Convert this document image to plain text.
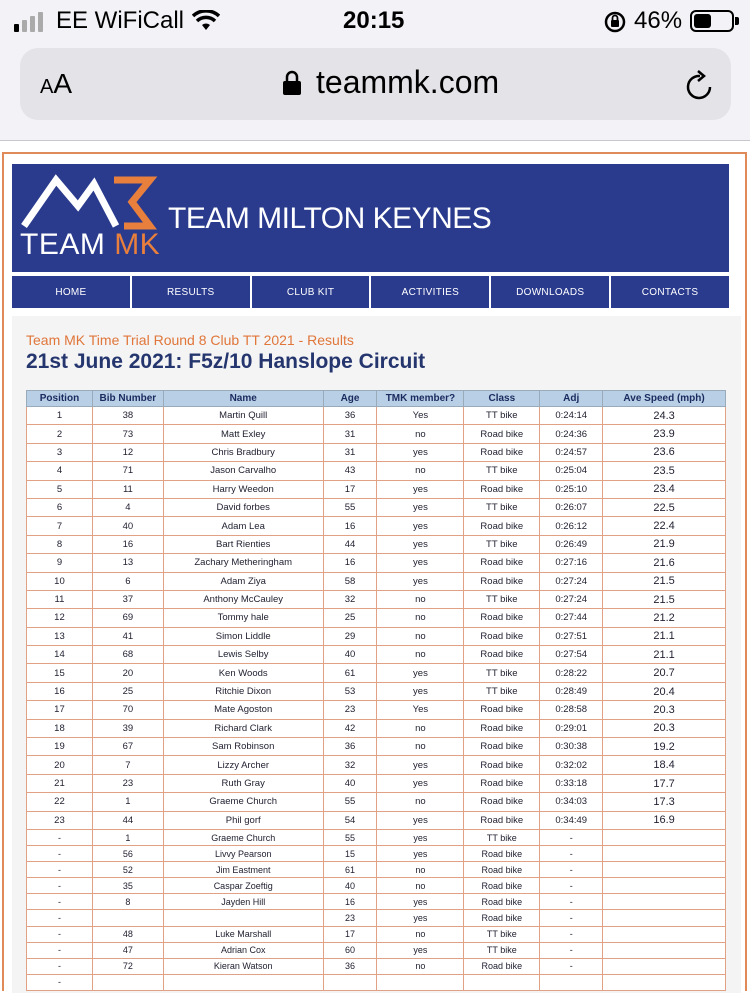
EE WiFiCall	20:15	46%
AA	teammk.com
TEAM MK
TEAM MILTON KEYNES
HOME	RESULTS	CLUB KIT	ACTIVITIES	DOWNLOADS	CONTACTS
Team MK Time Trial Round 8 Club TT 2021 - Results
21st June 2021: F5z/10 Hanslope Circuit
Position	Bib Number	Name	Age	TMK member?	Class	Adj	Ave Speed (mph)
1	38	Martin Quill	36	Yes	TT bike	0:24:14	24.3
2	73	Matt Exley	31	no	Road bike	0:24:36	23.9
3	12	Chris Bradbury	31	yes	Road bike	0:24:57	23.6
4	71	Jason Carvalho	43	no	TT bike	0:25:04	23.5
5	11	Harry Weedon	17	yes	Road bike	0:25:10	23.4
6	4	David forbes	55	yes	TT bike	0:26:07	22.5
7	40	Adam Lea	16	yes	Road bike	0:26:12	22.4
8	16	Bart Rienties	44	yes	TT bike	0:26:49	21.9
9	13	Zachary Metheringham	16	yes	Road bike	0:27:16	21.6
10	6	Adam Ziya	58	yes	Road bike	0:27:24	21.5
11	37	Anthony McCauley	32	no	TT bike	0:27:24	21.5
12	69	Tommy hale	25	no	Road bike	0:27:44	21.2
13	41	Simon Liddle	29	no	Road bike	0:27:51	21.1
14	68	Lewis Selby	40	no	Road bike	0:27:54	21.1
15	20	Ken Woods	61	yes	TT bike	0:28:22	20.7
16	25	Ritchie Dixon	53	yes	TT bike	0:28:49	20.4
17	70	Mate Agoston	23	Yes	Road bike	0:28:58	20.3
18	39	Richard Clark	42	no	Road bike	0:29:01	20.3
19	67	Sam Robinson	36	no	Road bike	0:30:38	19.2
20	7	Lizzy Archer	32	yes	Road bike	0:32:02	18.4
21	23	Ruth Gray	40	yes	Road bike	0:33:18	17.7
22	1	Graeme Church	55	no	Road bike	0:34:03	17.3
23	44	Phil gorf	54	yes	Road bike	0:34:49	16.9
-	1	Graeme Church	55	yes	TT bike	-	
-	56	Livvy Pearson	15	yes	Road bike	-	
-	52	Jim Eastment	61	no	Road bike	-	
-	35	Caspar Zoeftig	40	no	Road bike	-	
-	8	Jayden Hill	16	yes	Road bike	-	
-			23	yes	Road bike	-	
-	48	Luke Marshall	17	no	TT bike	-	
-	47	Adrian Cox	60	yes	TT bike	-	
-	72	Kieran Watson	36	no	Road bike	-	
-							
